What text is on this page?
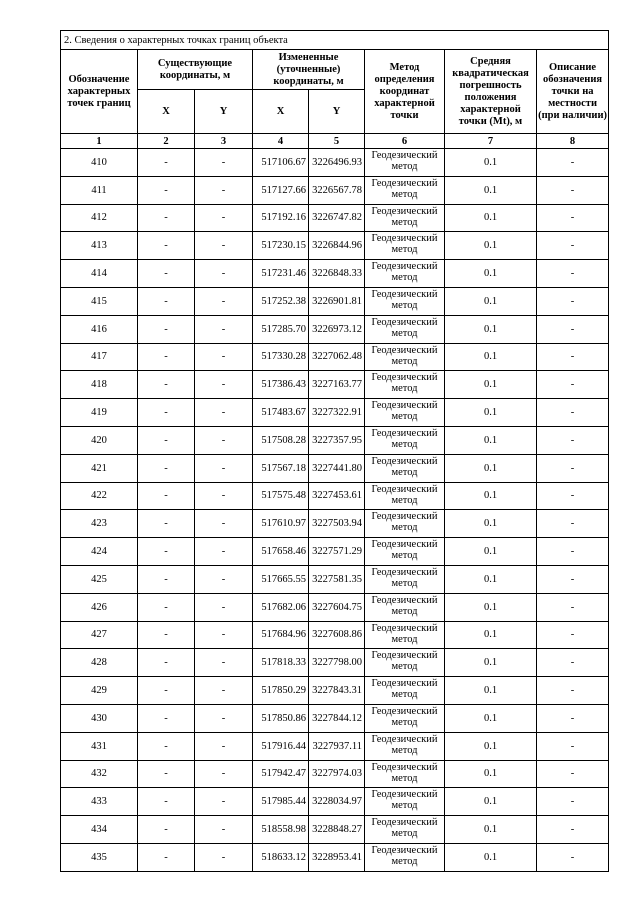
2. Сведения о характерных точках границ объекта							
Обозначение характерных точек границ	Существующие координаты, м		Измененные (уточненные) координаты, м		Метод определения координат характерной точки	Средняя квадратическая погрешность положения характерной точки (Mt), м	Описание обозначения точки на местности (при наличии)
	X	Y	X	Y			
1	2	3	4	5	6	7	8
410	-	-	517106.67	3226496.93	Геодезический метод	0.1	-
411	-	-	517127.66	3226567.78	Геодезический метод	0.1	-
412	-	-	517192.16	3226747.82	Геодезический метод	0.1	-
413	-	-	517230.15	3226844.96	Геодезический метод	0.1	-
414	-	-	517231.46	3226848.33	Геодезический метод	0.1	-
415	-	-	517252.38	3226901.81	Геодезический метод	0.1	-
416	-	-	517285.70	3226973.12	Геодезический метод	0.1	-
417	-	-	517330.28	3227062.48	Геодезический метод	0.1	-
418	-	-	517386.43	3227163.77	Геодезический метод	0.1	-
419	-	-	517483.67	3227322.91	Геодезический метод	0.1	-
420	-	-	517508.28	3227357.95	Геодезический метод	0.1	-
421	-	-	517567.18	3227441.80	Геодезический метод	0.1	-
422	-	-	517575.48	3227453.61	Геодезический метод	0.1	-
423	-	-	517610.97	3227503.94	Геодезический метод	0.1	-
424	-	-	517658.46	3227571.29	Геодезический метод	0.1	-
425	-	-	517665.55	3227581.35	Геодезический метод	0.1	-
426	-	-	517682.06	3227604.75	Геодезический метод	0.1	-
427	-	-	517684.96	3227608.86	Геодезический метод	0.1	-
428	-	-	517818.33	3227798.00	Геодезический метод	0.1	-
429	-	-	517850.29	3227843.31	Геодезический метод	0.1	-
430	-	-	517850.86	3227844.12	Геодезический метод	0.1	-
431	-	-	517916.44	3227937.11	Геодезический метод	0.1	-
432	-	-	517942.47	3227974.03	Геодезический метод	0.1	-
433	-	-	517985.44	3228034.97	Геодезический метод	0.1	-
434	-	-	518558.98	3228848.27	Геодезический метод	0.1	-
435	-	-	518633.12	3228953.41	Геодезический метод	0.1	-
